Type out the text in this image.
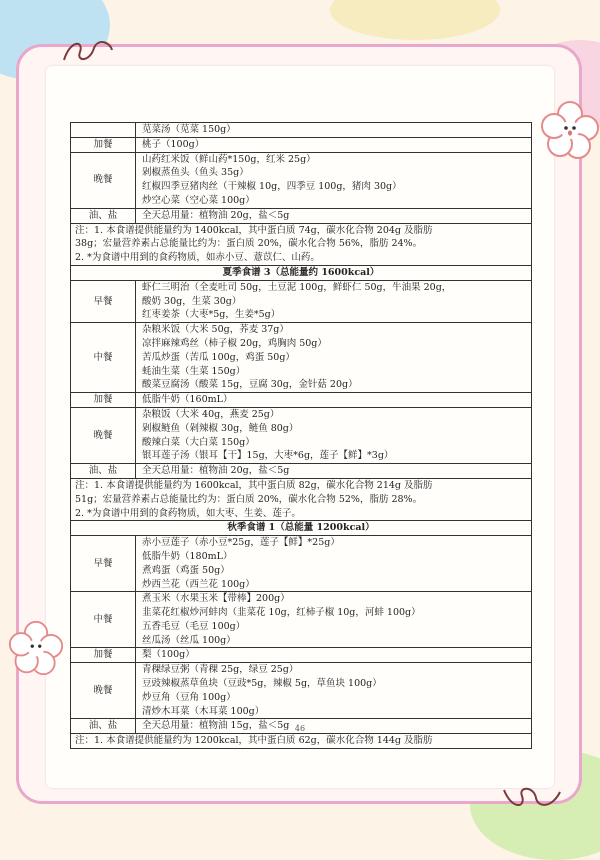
	苋菜汤（苋菜 150g）

加餐	桃子（100g）

晚餐	山药红米饭（鲜山药*150g，红米 25g）
剁椒蒸鱼头（鱼头 35g）
红椒四季豆猪肉丝（干辣椒 10g，四季豆 100g，猪肉 30g）
炒空心菜（空心菜 100g）

油、盐	全天总用量：植物油 20g，盐＜5g

注：1. 本食谱提供能量约为 1400kcal，其中蛋白质 74g，碳水化合物 204g 及脂肪
38g；宏量营养素占总能量比约为：蛋白质 20%，碳水化合物 56%，脂肪 24%。
2. *为食谱中用到的食药物质，如赤小豆、薏苡仁、山药。	

夏季食谱 3（总能量约 1600kcal）	
早餐	虾仁三明治（全麦吐司 50g，土豆泥 100g，鲜虾仁 50g，牛油果 20g，
酸奶 30g，生菜 30g）
红枣姜茶（大枣*5g，生姜*5g）

中餐	杂粮米饭（大米 50g，荞麦 37g）
凉拌麻辣鸡丝（柿子椒 20g，鸡胸肉 50g）
苦瓜炒蛋（苦瓜 100g，鸡蛋 50g）
蚝油生菜（生菜 150g）
酸菜豆腐汤（酸菜 15g，豆腐 30g，金针菇 20g）

加餐	低脂牛奶（160mL）

晚餐	杂粮饭（大米 40g，燕麦 25g）
剁椒鲢鱼（剁辣椒 30g，鲢鱼 80g）
酸辣白菜（大白菜 150g）
银耳莲子汤（银耳【干】15g，大枣*6g，莲子【鲜】*3g）

油、盐	全天总用量：植物油 20g，盐＜5g

注：1. 本食谱提供能量约为 1600kcal，其中蛋白质 82g，碳水化合物 214g 及脂肪
51g；宏量营养素占总能量比约为：蛋白质 20%，碳水化合物 52%，脂肪 28%。
2. *为食谱中用到的食药物质，如大枣、生姜、莲子。	

秋季食谱 1（总能量 1200kcal）	
早餐	赤小豆莲子（赤小豆*25g，莲子【鲜】*25g）
低脂牛奶（180mL）
煮鸡蛋（鸡蛋 50g）
炒西兰花（西兰花 100g）

中餐	煮玉米（水果玉米【带棒】200g）
韭菜花红椒炒河蚌肉（韭菜花 10g，红柿子椒 10g，河蚌 100g）
五香毛豆（毛豆 100g）
丝瓜汤（丝瓜 100g）

加餐	梨（100g）

晚餐	青稞绿豆粥（青稞 25g，绿豆 25g）
豆豉辣椒蒸草鱼块（豆豉*5g，辣椒 5g，草鱼块 100g）
炒豆角（豆角 100g）
清炒木耳菜（木耳菜 100g）

油、盐	全天总用量：植物油 15g，盐＜5g

注：1. 本食谱提供能量约为 1200kcal，其中蛋白质 62g，碳水化合物 144g 及脂肪	
46
